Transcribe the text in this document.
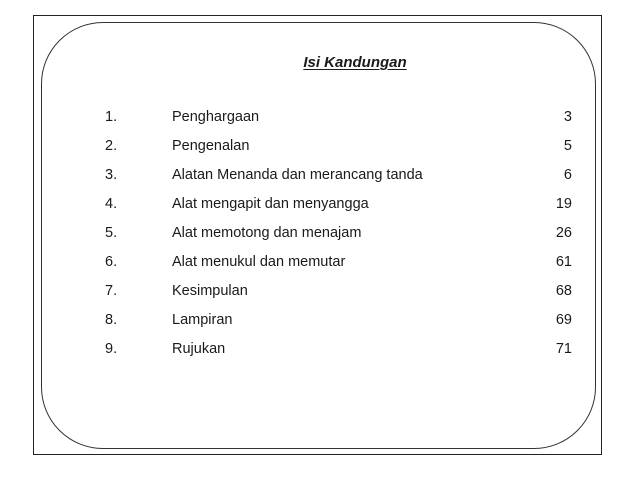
Isi Kandungan
1.	Penghargaan	3
2.	Pengenalan	5
3.	Alatan Menanda dan merancang tanda	6
4.	Alat mengapit dan menyangga	19
5.	Alat memotong dan menajam	26
6.	Alat menukul dan memutar	61
7.	Kesimpulan	68
8.	Lampiran	69
9.	Rujukan	71
